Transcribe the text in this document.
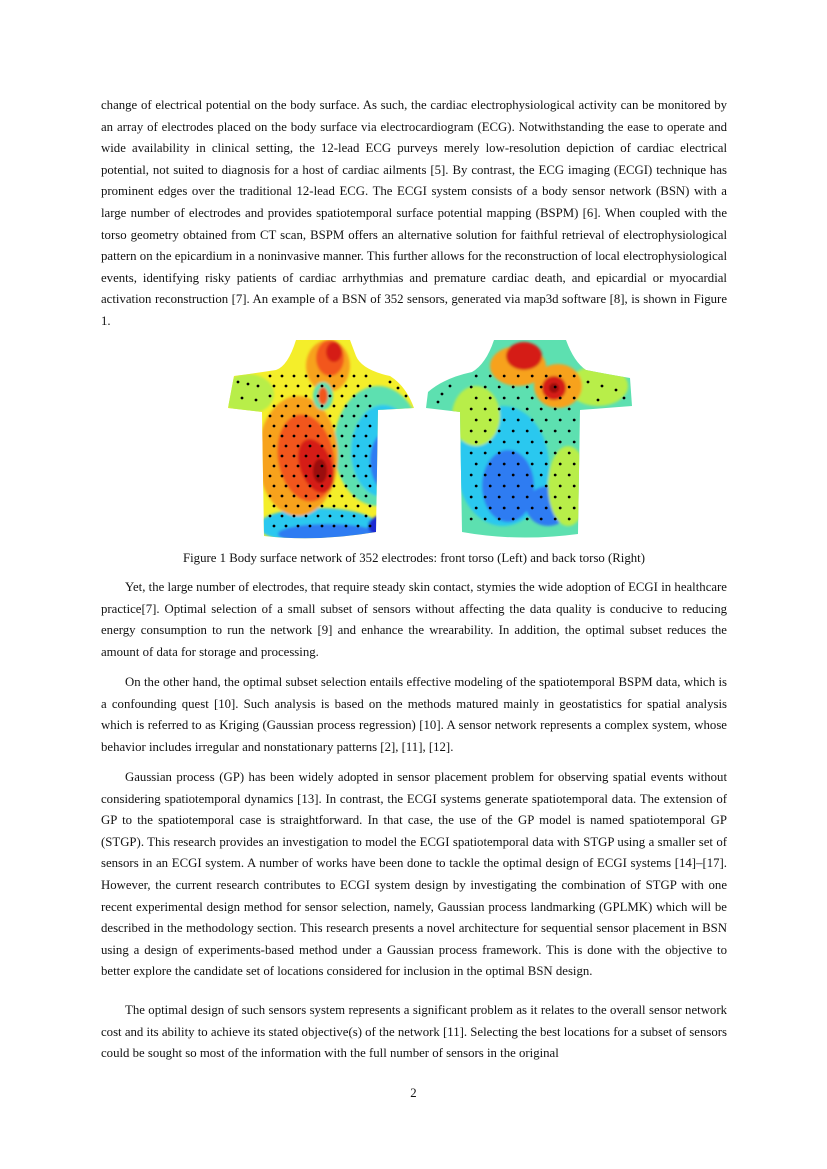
change of electrical potential on the body surface. As such, the cardiac electrophysiological activity can be monitored by an array of electrodes placed on the body surface via electrocardiogram (ECG). Notwithstanding the ease to operate and wide availability in clinical setting, the 12-lead ECG purveys merely low-resolution depiction of cardiac electrical potential, not suited to diagnosis for a host of cardiac ailments [5]. By contrast, the ECG imaging (ECGI) technique has prominent edges over the traditional 12-lead ECG. The ECGI system consists of a body sensor network (BSN) with a large number of electrodes and provides spatiotemporal surface potential mapping (BSPM) [6]. When coupled with the torso geometry obtained from CT scan, BSPM offers an alternative solution for faithful retrieval of electrophysiological pattern on the epicardium in a noninvasive manner. This further allows for the reconstruction of local electrophysiological events, identifying risky patients of cardiac arrhythmias and premature cardiac death, and epicardial or myocardial activation reconstruction [7]. An example of a BSN of 352 sensors, generated via map3d software [8], is shown in Figure 1.

Figure 1 Body surface network of 352 electrodes: front torso (Left) and back torso (Right)

Yet, the large number of electrodes, that require steady skin contact, stymies the wide adoption of ECGI in healthcare practice[7]. Optimal selection of a small subset of sensors without affecting the data quality is conducive to reducing energy consumption to run the network [9] and enhance the wrearability. In addition, the optimal subset reduces the amount of data for storage and processing.

On the other hand, the optimal subset selection entails effective modeling of the spatiotemporal BSPM data, which is a confounding quest [10]. Such analysis is based on the methods matured mainly in geostatistics for spatial analysis which is referred to as Kriging (Gaussian process regression) [10]. A sensor network represents a complex system, whose behavior includes irregular and nonstationary patterns [2], [11], [12].

Gaussian process (GP) has been widely adopted in sensor placement problem for observing spatial events without considering spatiotemporal dynamics [13]. In contrast, the ECGI systems generate spatiotemporal data. The extension of GP to the spatiotemporal case is straightforward. In that case, the use of the GP model is named spatiotemporal GP (STGP). This research provides an investigation to model the ECGI spatiotemporal data with STGP using a smaller set of sensors in an ECGI system. A number of works have been done to tackle the optimal design of ECGI systems [14]–[17]. However, the current research contributes to ECGI system design by investigating the combination of STGP with one recent experimental design method for sensor selection, namely, Gaussian process landmarking (GPLMK) which will be described in the methodology section. This research presents a novel architecture for sequential sensor placement in BSN using a design of experiments-based method under a Gaussian process framework. This is done with the objective to better explore the candidate set of locations considered for inclusion in the optimal BSN design.

The optimal design of such sensors system represents a significant problem as it relates to the overall sensor network cost and its ability to achieve its stated objective(s) of the network [11]. Selecting the best locations for a subset of sensors could be sought so most of the information with the full number of sensors in the original

2
